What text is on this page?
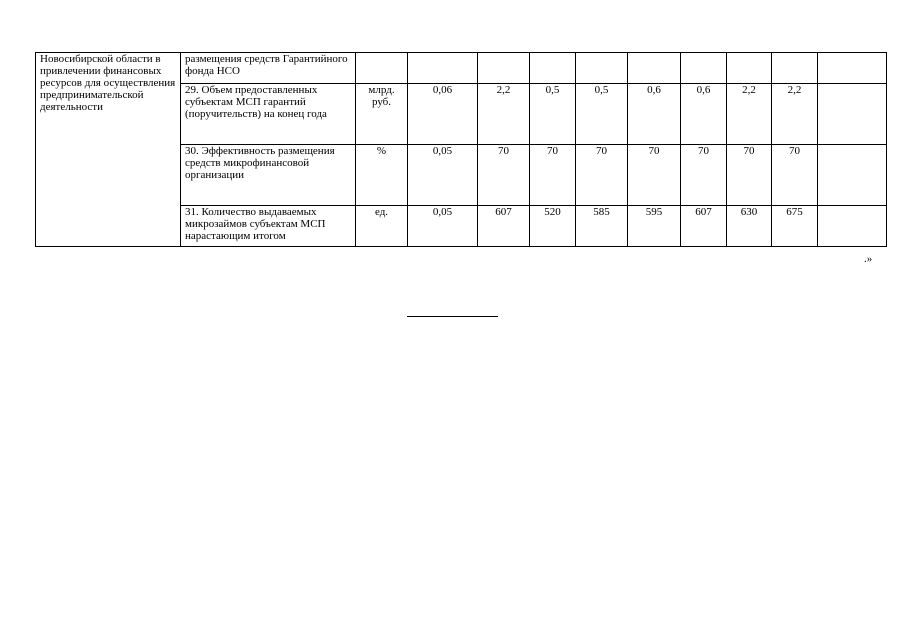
Новосибирской области в привлечении финансовых ресурсов для осуществления предпринимательской деятельности	размещения средств Гарантийного фонда НСО										
	29. Объем предоставленных субъектам МСП гарантий (поручительств) на конец года	млрд. руб.	0,06	2,2	0,5	0,5	0,6	0,6	2,2	2,2	
	30. Эффективность размещения средств микрофинансовой организации	%	0,05	70	70	70	70	70	70	70	
	31. Количество выдаваемых микрозаймов субъектам МСП нарастающим итогом	ед.	0,05	607	520	585	595	607	630	675	
.»
